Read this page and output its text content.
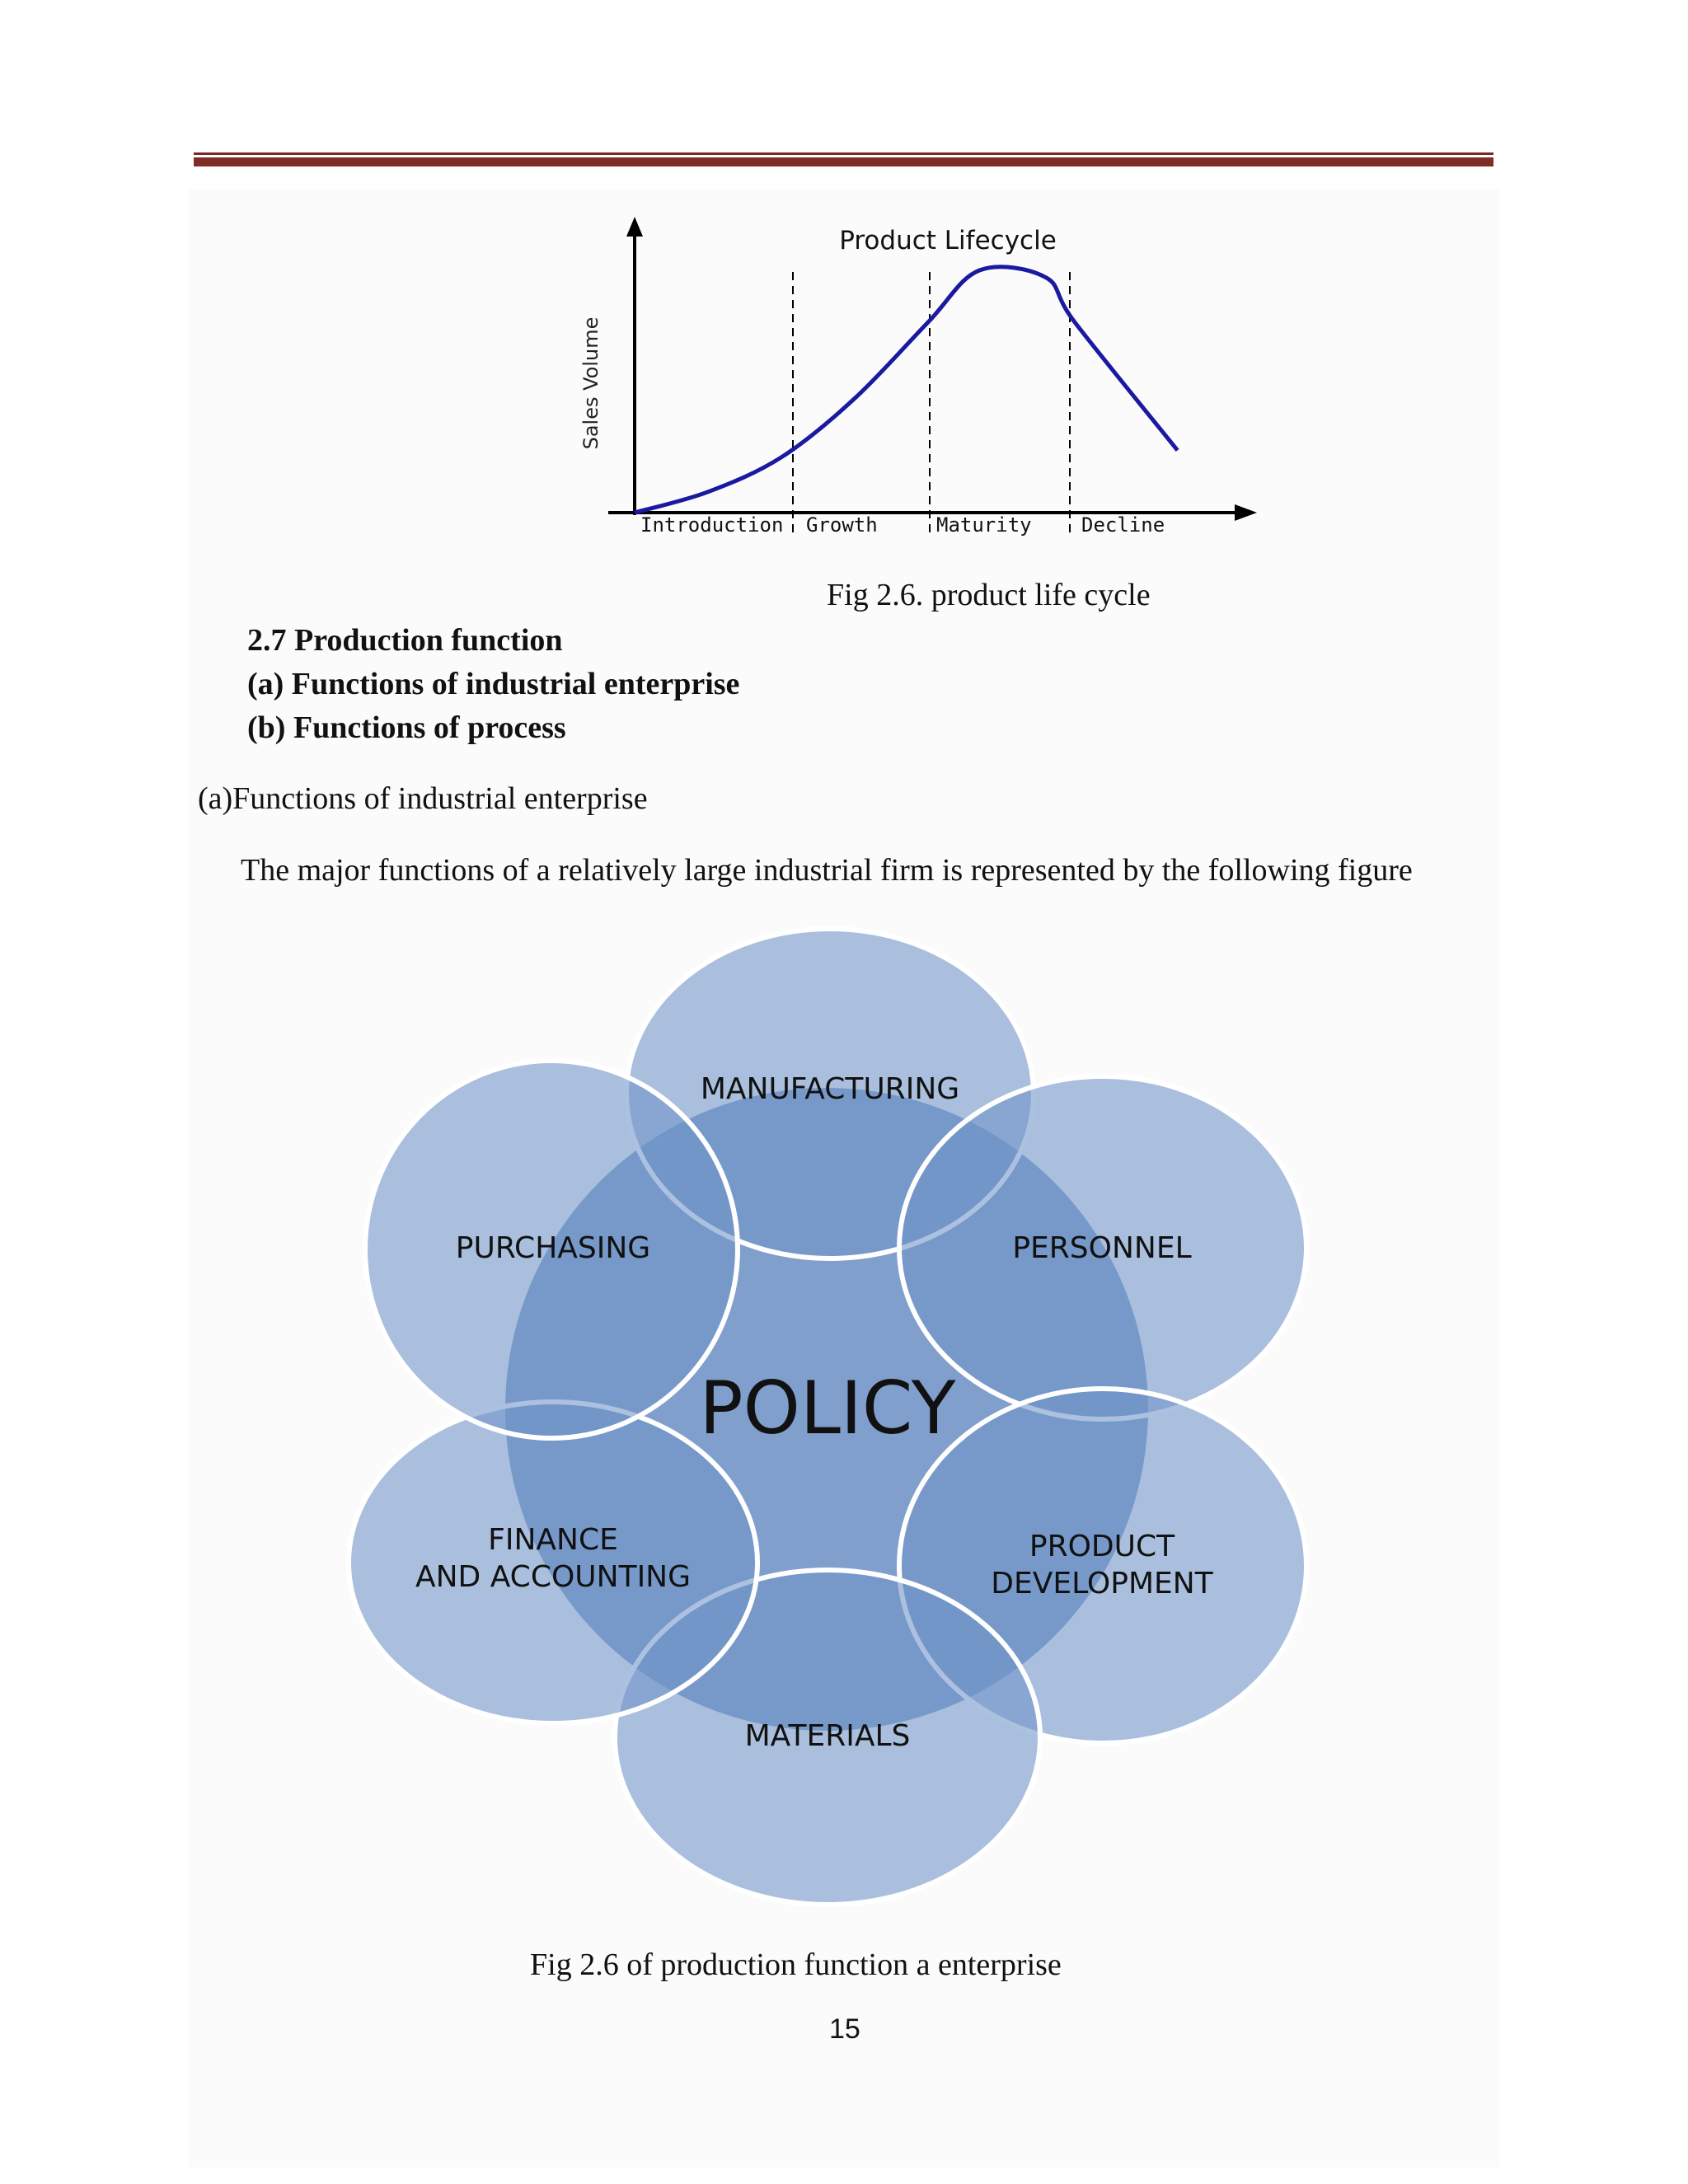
Product Lifecycle
Sales Volume
Introduction Growth	Maturity	Decline
Fig 2.6. product life cycle
2.7 Production function
(a) Functions of industrial enterprise
(b) Functions of process
(a)Functions of industrial enterprise
The major functions of a relatively large industrial firm is represented by the following figure
POLICY
MANUFACTURING
PERSONNEL
PRODUCT
DEVELOPMENT
MATERIALS
FINANCE
AND ACCOUNTING
PURCHASING
Fig 2.6 of production function a enterprise
15
